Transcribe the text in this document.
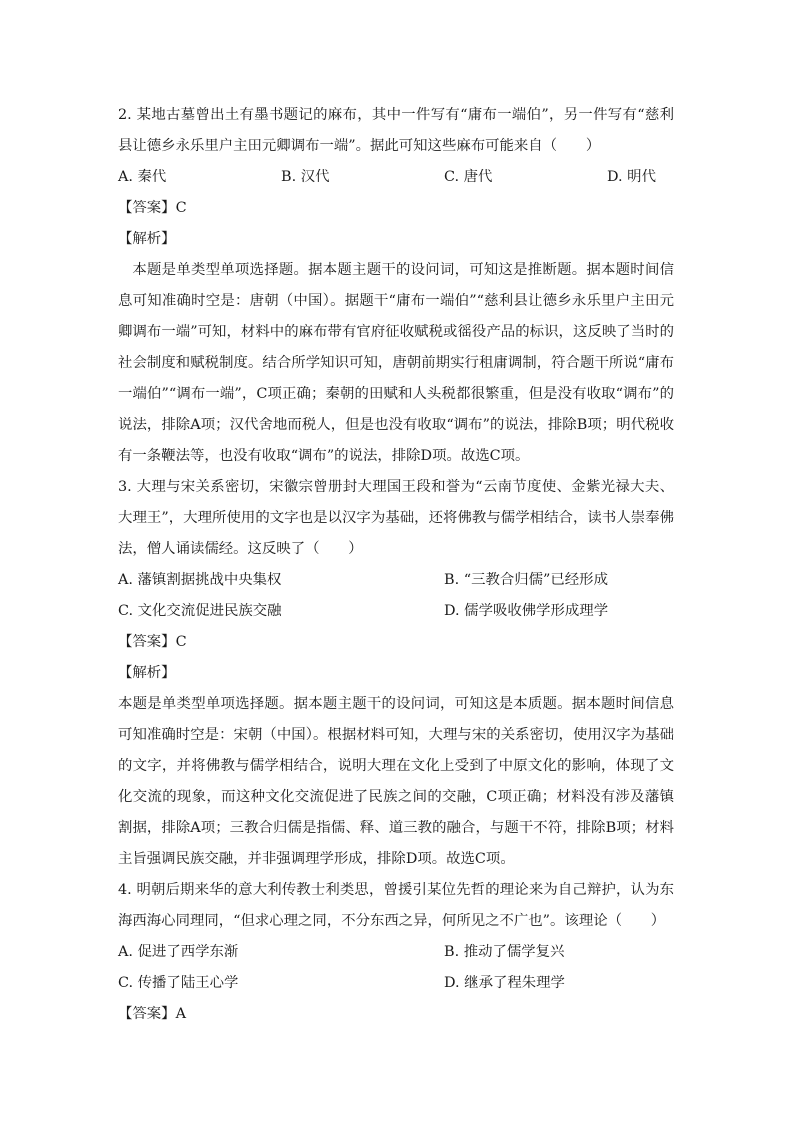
2. 某地古墓曾出土有墨书题记的麻布，其中一件写有“庸布一端伯”，另一件写有“慈利县让德乡永乐里户主田元卿调布一端”。据此可知这些麻布可能来自（　　）

A. 秦代	B. 汉代	C. 唐代	D. 明代

【答案】C

【解析】

本题是单类型单项选择题。据本题主题干的设问词，可知这是推断题。据本题时间信息可知准确时空是：唐朝（中国）。据题干“庸布一端伯”“慈利县让德乡永乐里户主田元卿调布一端”可知，材料中的麻布带有官府征收赋税或徭役产品的标识，这反映了当时的社会制度和赋税制度。结合所学知识可知，唐朝前期实行租庸调制，符合题干所说“庸布一端伯”“调布一端”，C项正确；秦朝的田赋和人头税都很繁重，但是没有收取“调布”的说法，排除A项；汉代舍地而税人，但是也没有收取“调布”的说法，排除B项；明代税收有一条鞭法等，也没有收取“调布”的说法，排除D项。故选C项。

3. 大理与宋关系密切，宋徽宗曾册封大理国王段和誉为“云南节度使、金紫光禄大夫、大理王”，大理所使用的文字也是以汉字为基础，还将佛教与儒学相结合，读书人崇奉佛法，僧人诵读儒经。这反映了（　　）

A. 藩镇割据挑战中央集权	B. “三教合归儒”已经形成
C. 文化交流促进民族交融	D. 儒学吸收佛学形成理学

【答案】C

【解析】

本题是单类型单项选择题。据本题主题干的设问词，可知这是本质题。据本题时间信息可知准确时空是：宋朝（中国）。根据材料可知，大理与宋的关系密切，使用汉字为基础的文字，并将佛教与儒学相结合，说明大理在文化上受到了中原文化的影响，体现了文化交流的现象，而这种文化交流促进了民族之间的交融，C项正确；材料没有涉及藩镇割据，排除A项；三教合归儒是指儒、释、道三教的融合，与题干不符，排除B项；材料主旨强调民族交融，并非强调理学形成，排除D项。故选C项。

4. 明朝后期来华的意大利传教士利类思，曾援引某位先哲的理论来为自己辩护，认为东海西海心同理同，“但求心理之同，不分东西之异，何所见之不广也”。该理论（　　）

A. 促进了西学东渐	B. 推动了儒学复兴
C. 传播了陆王心学	D. 继承了程朱理学

【答案】A
